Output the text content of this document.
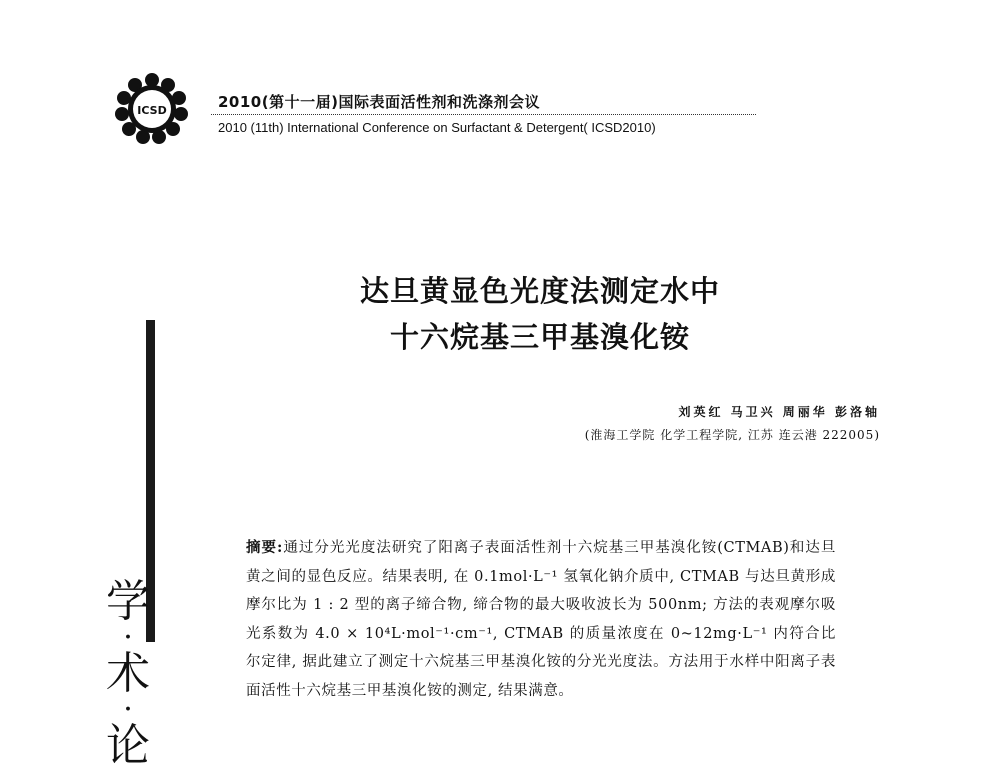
ICSD	2010(第十一届)国际表面活性剂和洗涤剂会议
2010 (11th) International Conference on Surfactant & Detergent( ICSD2010)
达旦黄显色光度法测定水中
十六烷基三甲基溴化铵
刘英红 马卫兴 周丽华 彭洛轴
(淮海工学院 化学工程学院, 江苏 连云港 222005)
摘要:通过分光光度法研究了阳离子表面活性剂十六烷基三甲基溴化铵(CTMAB)和达旦黄之间的显色反应。结果表明, 在 0.1mol·L⁻¹ 氢氧化钠介质中, CTMAB 与达旦黄形成摩尔比为 1 : 2 型的离子缔合物, 缔合物的最大吸收波长为 500nm; 方法的表观摩尔吸光系数为 4.0 × 10⁴L·mol⁻¹·cm⁻¹, CTMAB 的质量浓度在 0~12mg·L⁻¹ 内符合比尔定律, 据此建立了测定十六烷基三甲基溴化铵的分光光度法。方法用于水样中阳离子表面活性十六烷基三甲基溴化铵的测定, 结果满意。
学
·
术
·
论
